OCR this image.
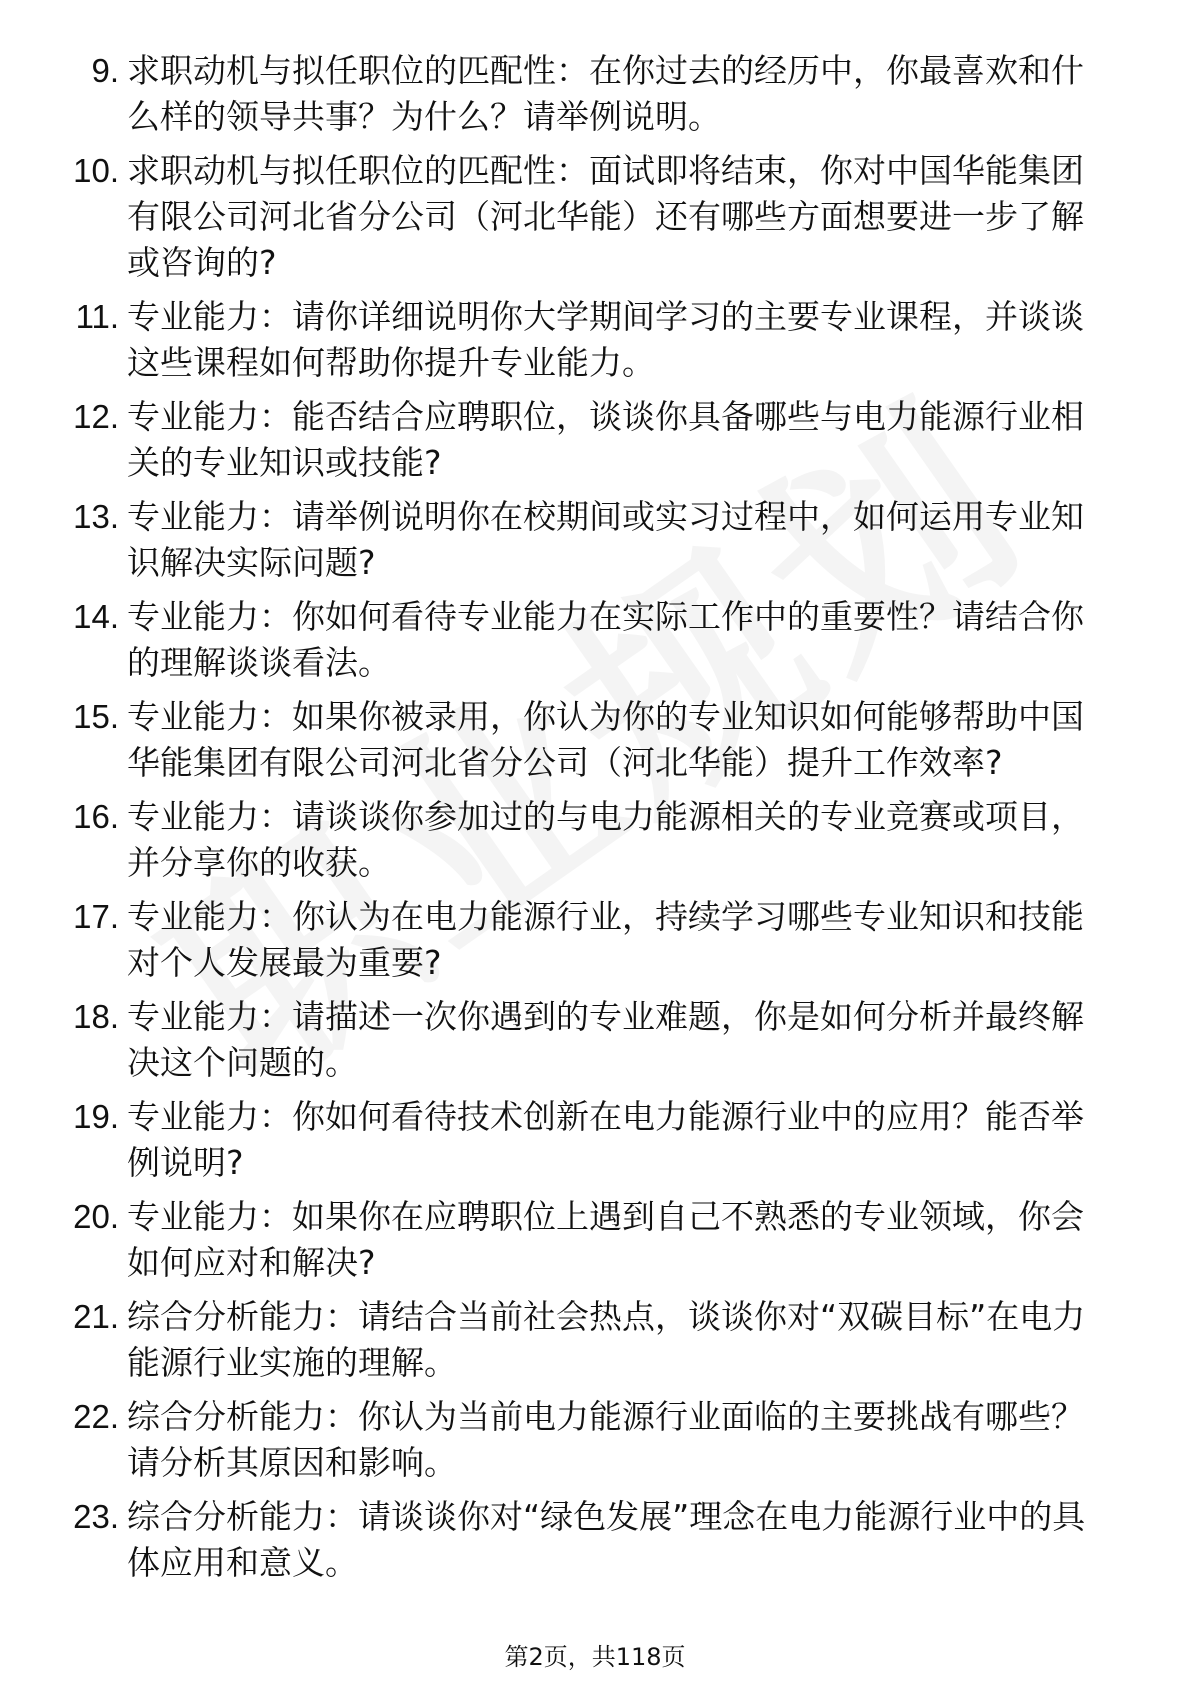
9. 求职动机与拟任职位的匹配性：在你过去的经历中，你最喜欢和什么样的领导共事？为什么？请举例说明。
10. 求职动机与拟任职位的匹配性：面试即将结束，你对中国华能集团有限公司河北省分公司（河北华能）还有哪些方面想要进一步了解或咨询的?
11. 专业能力：请你详细说明你大学期间学习的主要专业课程，并谈谈这些课程如何帮助你提升专业能力。
12. 专业能力：能否结合应聘职位，谈谈你具备哪些与电力能源行业相关的专业知识或技能?
13. 专业能力：请举例说明你在校期间或实习过程中，如何运用专业知识解决实际问题?
14. 专业能力：你如何看待专业能力在实际工作中的重要性？请结合你的理解谈谈看法。
15. 专业能力：如果你被录用，你认为你的专业知识如何能够帮助中国华能集团有限公司河北省分公司（河北华能）提升工作效率?
16. 专业能力：请谈谈你参加过的与电力能源相关的专业竞赛或项目，并分享你的收获。
17. 专业能力：你认为在电力能源行业，持续学习哪些专业知识和技能对个人发展最为重要?
18. 专业能力：请描述一次你遇到的专业难题，你是如何分析并最终解决这个问题的。
19. 专业能力：你如何看待技术创新在电力能源行业中的应用？能否举例说明?
20. 专业能力：如果你在应聘职位上遇到自己不熟悉的专业领域，你会如何应对和解决?
21. 综合分析能力：请结合当前社会热点，谈谈你对“双碳目标”在电力能源行业实施的理解。
22. 综合分析能力：你认为当前电力能源行业面临的主要挑战有哪些？请分析其原因和影响。
23. 综合分析能力：请谈谈你对“绿色发展”理念在电力能源行业中的具体应用和意义。
第2页，共118页
